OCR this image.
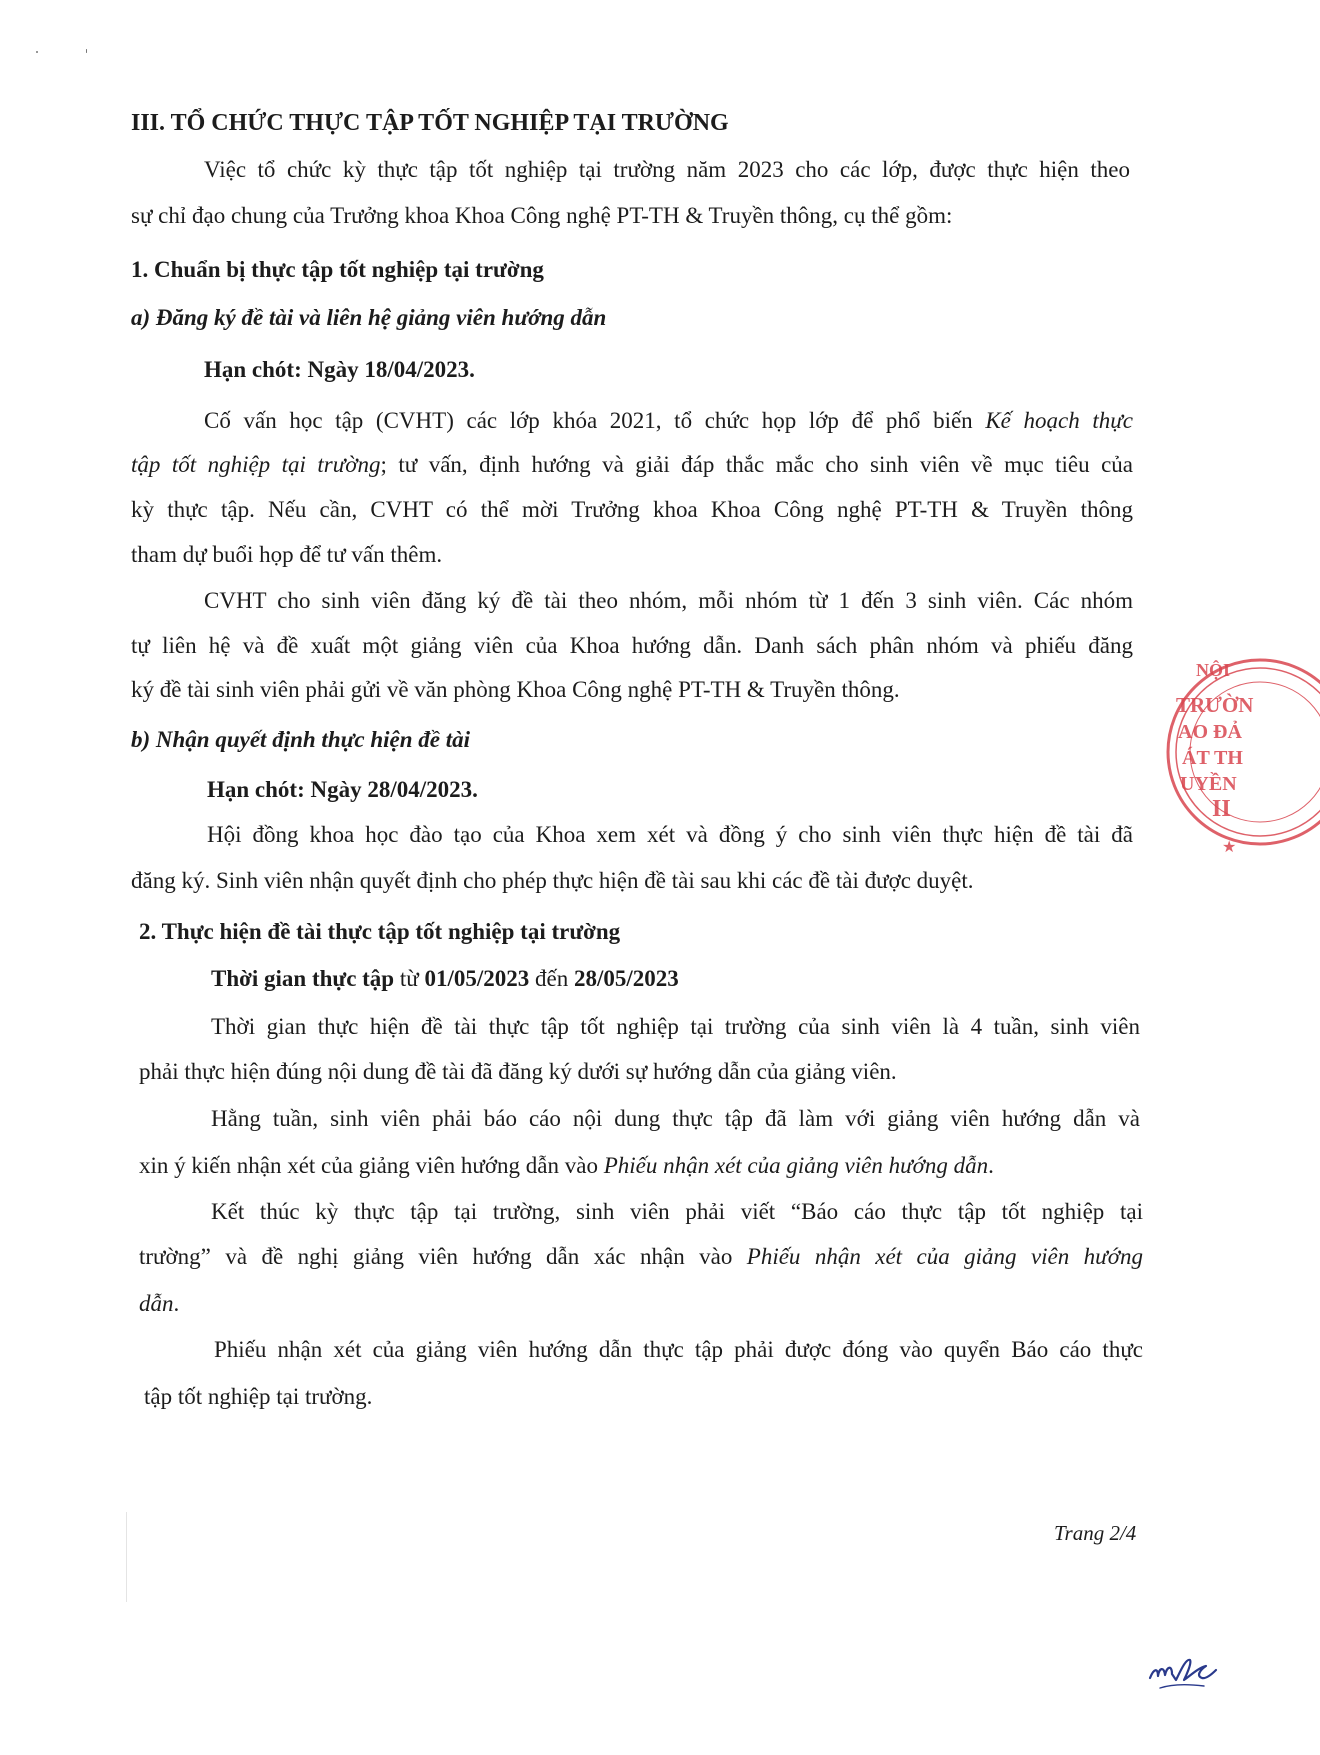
III. TỔ CHỨC THỰC TẬP TỐT NGHIỆP TẠI TRƯỜNG

Việc tổ chức kỳ thực tập tốt nghiệp tại trường năm 2023 cho các lớp, được thực hiện theo

sự chỉ đạo chung của Trưởng khoa Khoa Công nghệ PT-TH & Truyền thông, cụ thể gồm:

1. Chuẩn bị thực tập tốt nghiệp tại trường

a) Đăng ký đề tài và liên hệ giảng viên hướng dẫn

Hạn chót: Ngày 18/04/2023.

Cố vấn học tập (CVHT) các lớp khóa 2021, tổ chức họp lớp để phổ biến Kế hoạch thực

tập tốt nghiệp tại trường; tư vấn, định hướng và giải đáp thắc mắc cho sinh viên về mục tiêu của

kỳ thực tập. Nếu cần, CVHT có thể mời Trưởng khoa Khoa Công nghệ PT-TH & Truyền thông

tham dự buổi họp để tư vấn thêm.

CVHT cho sinh viên đăng ký đề tài theo nhóm, mỗi nhóm từ 1 đến 3 sinh viên. Các nhóm

tự liên hệ và đề xuất một giảng viên của Khoa hướng dẫn. Danh sách phân nhóm và phiếu đăng

ký đề tài sinh viên phải gửi về văn phòng Khoa Công nghệ PT-TH & Truyền thông.

b) Nhận quyết định thực hiện đề tài

Hạn chót: Ngày 28/04/2023.

Hội đồng khoa học đào tạo của Khoa xem xét và đồng ý cho sinh viên thực hiện đề tài đã

đăng ký. Sinh viên nhận quyết định cho phép thực hiện đề tài sau khi các đề tài được duyệt.

2. Thực hiện đề tài thực tập tốt nghiệp tại trường

Thời gian thực tập từ 01/05/2023 đến 28/05/2023

Thời gian thực hiện đề tài thực tập tốt nghiệp tại trường của sinh viên là 4 tuần, sinh viên

phải thực hiện đúng nội dung đề tài đã đăng ký dưới sự hướng dẫn của giảng viên.

Hằng tuần, sinh viên phải báo cáo nội dung thực tập đã làm với giảng viên hướng dẫn và

xin ý kiến nhận xét của giảng viên hướng dẫn vào Phiếu nhận xét của giảng viên hướng dẫn.

Kết thúc kỳ thực tập tại trường, sinh viên phải viết “Báo cáo thực tập tốt nghiệp tại

trường” và đề nghị giảng viên hướng dẫn xác nhận vào Phiếu nhận xét của giảng viên hướng

dẫn.

Phiếu nhận xét của giảng viên hướng dẫn thực tập phải được đóng vào quyển Báo cáo thực

tập tốt nghiệp tại trường.

Trang 2/4
NỘI
TRƯỜN
AO ĐẢ
ÁT TH
UYỀN
II
★
